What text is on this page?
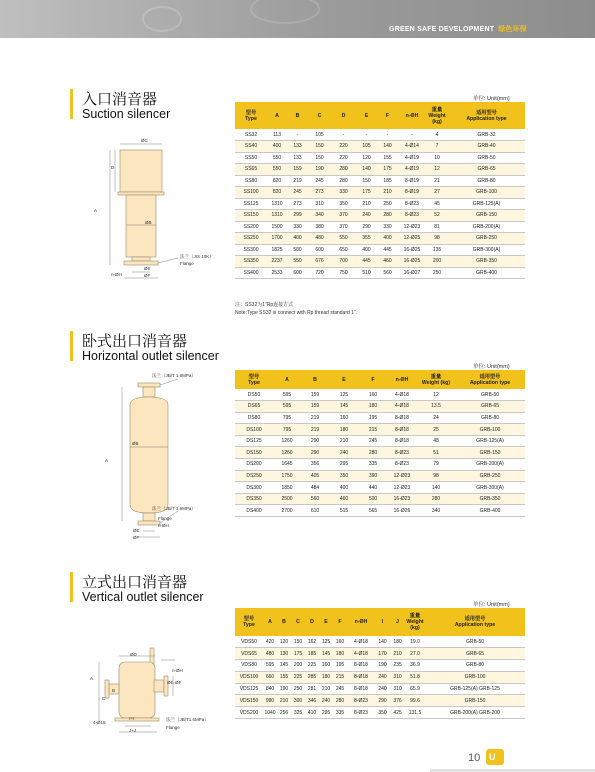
GREEN SAFE DEVELOPMENT 绿色环保
入口消音器
Suction silencer
单位: Unit(mm)
型号
Type	A	B	C	D	E	F	n-ØH	重量
Weight
(kg)	适用型号
Application type
SS32	113	-	105	-	-	-	-	4	GRB-32
SS40	400	133	150	220	105	140	4-Ø14	7	GRB-40
SS50	550	133	150	220	120	155	4-Ø19	10	GRB-50
SS65	550	159	190	280	140	175	4-Ø19	12	GRB-65
SS80	820	219	245	280	150	185	8-Ø19	21	GRB-80
SS100	820	245	273	330	175	210	8-Ø19	27	GRB-100
SS125	1310	273	310	350	210	250	8-Ø23	45	GRB-125(A)
SS150	1310	299	340	370	240	280	8-Ø23	52	GRB-150
SS200	1500	330	380	370	290	330	12-Ø23	81	GRB-200(A)
SS250	1700	400	480	550	355	400	12-Ø25	98	GRB-250
SS300	1825	500	600	650	400	445	16-Ø25	135	GRB-300(A)
SS350	2237	550	676	700	445	460	16-Ø25	200	GRB-350
SS400	2533	600	720	750	510	560	16-Ø27	250	GRB-400
注：SS32为1"Rp连接方式
Note:Type SS32 is connect with Rp thread standard 1".
ØC
D
A
ØB
n-ØH
ØE
ØF
法兰（JIS 10K）
Flange
卧式出口消音器
Horizontal outlet silencer
单位: Unit(mm)
型号
Type	A	B	E	F	n-ØH	重量
Weight (kg)	适用型号
Application type
DS50	595	159	125	160	4-Ø18	12	GRB-50
DS65	595	159	145	180	4-Ø18	13.5	GRB-65
DS80	795	219	160	195	8-Ø18	24	GRB-80
DS100	795	219	180	215	8-Ø18	25	GRB-100
DS125	1260	290	210	245	8-Ø18	48	GRB-125(A)
DS150	1260	290	240	280	8-Ø23	51	GRB-150
DS200	1645	356	295	335	8-Ø23	79	GRB-200(A)
DS250	1750	405	350	390	12-Ø23	98	GRB-250
DS300	1850	484	400	440	12-Ø23	140	GRB-300(A)
DS350	2500	560	460	500	16-Ø23	280	GRB-350
DS400	2700	610	515	565	16-Ø26	340	GRB-400
A
ØB
法兰（JB/T 1.6MPa）
法兰（JB/T 1.6MPa）
Flange
n-ØH
ØE
ØF
立式出口消音器
Vertical outlet silencer
单位: Unit(mm)
型号
Type	A	B	C	D	E	F	n-ØH	I	J	重量
Weight
(kg)	适用型号
Application type
VDS50	420	120	150	162	125	160	4-Ø18	140	180	19.0	GRB-50
VDS65	480	130	175	185	145	180	4-Ø18	170	210	27.0	GRB-65
VDS80	595	145	200	225	160	195	8-Ø18	190	235	36.9	GRB-80
VDS100	660	155	225	285	180	215	8-Ø18	240	310	51.8	GRB-100
VDS125	840	190	250	281	210	245	8-Ø18	240	310	65.9	GRB-125(A) GRB-125
VDS150	990	210	300	346	240	280	8-Ø23	290	376	99.6	GRB-150
VDS200	1040	256	325	410	295	335	8-Ø23	350	425	131.5	GRB-200(A) GRB-200
A
B
C
ØD
n-ØH
ØE ØF
4-Ø15
I+I
J+J
法兰（JB/T1.6MPa）
Flange
10 U
